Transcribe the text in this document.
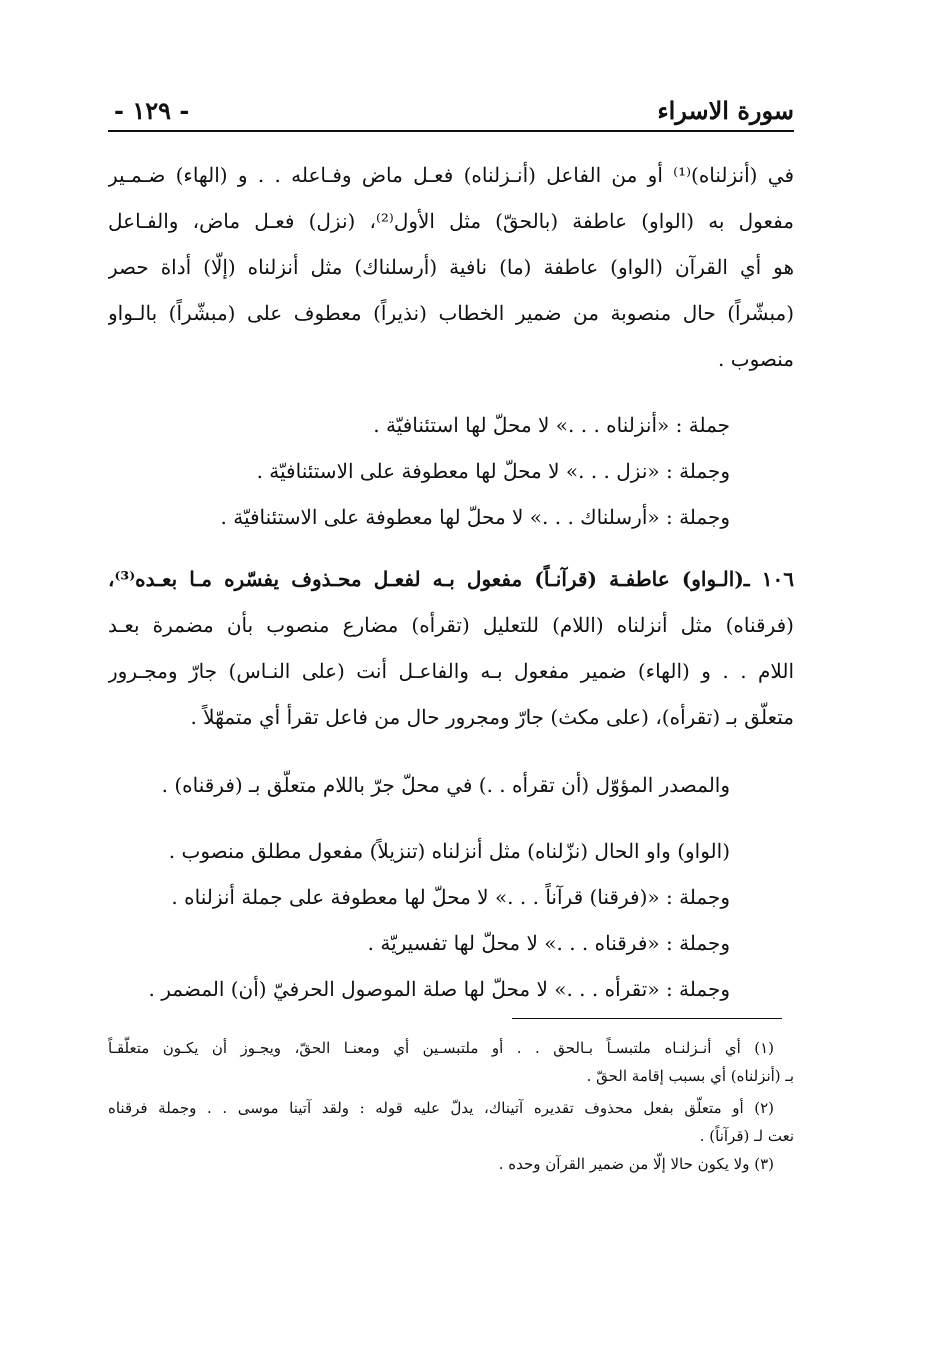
سورة الاسراء
- ١٢٩ -
في (أنزلناه)⁽¹⁾ أو من الفاعل (أنـزلناه) فعـل ماض وفـاعله . . و (الهاء) ضـمـير
مفعول به (الواو) عاطفة (بالحقّ) مثل الأول⁽²⁾، (نزل) فعـل ماض، والفـاعل
هو أي القرآن (الواو) عاطفة (ما) نافية (أرسلناك) مثل أنزلناه (إلّا) أداة حصر
(مبشّراً) حال منصوبة من ضمير الخطاب (نذيراً) معطوف على (مبشّراً) بالـواو
منصوب .
جملة : «أنزلناه . . .» لا محلّ لها استئنافيّة .
وجملة : «نزل . . .» لا محلّ لها معطوفة على الاستئنافيّة .
وجملة : «أرسلناك . . .» لا محلّ لها معطوفة على الاستئنافيّة .
١٠٦ ـ(الـواو) عاطفـة (قرآنـاً) مفعول بـه لفعـل محـذوف يفسّره مـا بعـده⁽³⁾،
(فرقناه) مثل أنزلناه (اللام) للتعليل (تقرأه) مضارع منصوب بأن مضمرة بعـد
اللام . . و (الهاء) ضمير مفعول بـه والفاعـل أنت (على النـاس) جارّ ومجـرور
متعلّق بـ (تقرأه)، (على مكث) جارّ ومجرور حال من فاعل تقرأ أي متمهّلاً .
والمصدر المؤوّل (أن تقرأه . .) في محلّ جرّ باللام متعلّق بـ (فرقناه) .
(الواو) واو الحال (نزّلناه) مثل أنزلناه (تنزيلاً) مفعول مطلق منصوب .
وجملة : «(فرقنا) قرآناً . . .» لا محلّ لها معطوفة على جملة أنزلناه .
وجملة : «فرقناه . . .» لا محلّ لها تفسيريّة .
وجملة : «تقرأه . . .» لا محلّ لها صلة الموصول الحرفيّ (أن) المضمر .
(١) أي أنـزلنـاه ملتبسـاً بـالحق . . أو ملتبسـين أي ومعنـا الحقّ، ويجـوز أن يكـون متعلّقـاً
بـ (أنزلناه) أي بسبب إقامة الحقّ .
(٢) أو متعلّق بفعل محذوف تقديره آتيناك، يدلّ عليه قوله : ولقد آتينا موسى . . وجملة فرقناه
نعت لـ (قرآناً) .
(٣) ولا يكون حالا إلّا من ضمير القرآن وحده .
